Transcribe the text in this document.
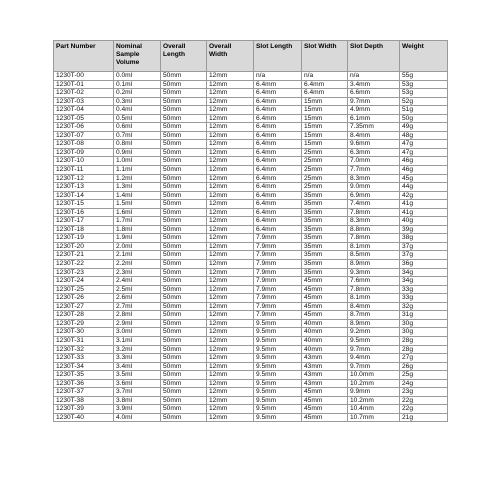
Part Number	Nominal Sample Volume	Overall Length	Overall Width	Slot Length	Slot Width	Slot Depth	Weight
1230T-00	0.0ml	50mm	12mm	n/a	n/a	n/a	55g
1230T-01	0.1ml	50mm	12mm	6.4mm	6.4mm	3.4mm	53g
1230T-02	0.2ml	50mm	12mm	6.4mm	6.4mm	6.6mm	53g
1230T-03	0.3ml	50mm	12mm	6.4mm	15mm	9.7mm	52g
1230T-04	0.4ml	50mm	12mm	6.4mm	15mm	4.9mm	51g
1230T-05	0.5ml	50mm	12mm	6.4mm	15mm	6.1mm	50g
1230T-06	0.6ml	50mm	12mm	6.4mm	15mm	7.35mm	49g
1230T-07	0.7ml	50mm	12mm	6.4mm	15mm	8.4mm	48g
1230T-08	0.8ml	50mm	12mm	6.4mm	15mm	9.6mm	47g
1230T-09	0.9ml	50mm	12mm	6.4mm	25mm	6.3mm	47g
1230T-10	1.0ml	50mm	12mm	6.4mm	25mm	7.0mm	46g
1230T-11	1.1ml	50mm	12mm	6.4mm	25mm	7.7mm	46g
1230T-12	1.2ml	50mm	12mm	6.4mm	25mm	8.3mm	45g
1230T-13	1.3ml	50mm	12mm	6.4mm	25mm	9.0mm	44g
1230T-14	1.4ml	50mm	12mm	6.4mm	35mm	6.9mm	42g
1230T-15	1.5ml	50mm	12mm	6.4mm	35mm	7.4mm	41g
1230T-16	1.6ml	50mm	12mm	6.4mm	35mm	7.8mm	41g
1230T-17	1.7ml	50mm	12mm	6.4mm	35mm	8.3mm	40g
1230T-18	1.8ml	50mm	12mm	6.4mm	35mm	8.8mm	39g
1230T-19	1.9ml	50mm	12mm	7.9mm	35mm	7.8mm	38g
1230T-20	2.0ml	50mm	12mm	7.9mm	35mm	8.1mm	37g
1230T-21	2.1ml	50mm	12mm	7.9mm	35mm	8.5mm	37g
1230T-22	2.2ml	50mm	12mm	7.9mm	35mm	8.9mm	36g
1230T-23	2.3ml	50mm	12mm	7.9mm	35mm	9.3mm	34g
1230T-24	2.4ml	50mm	12mm	7.9mm	45mm	7.6mm	34g
1230T-25	2.5ml	50mm	12mm	7.9mm	45mm	7.8mm	33g
1230T-26	2.6ml	50mm	12mm	7.9mm	45mm	8.1mm	33g
1230T-27	2.7ml	50mm	12mm	7.9mm	45mm	8.4mm	32g
1230T-28	2.8ml	50mm	12mm	7.9mm	45mm	8.7mm	31g
1230T-29	2.9ml	50mm	12mm	9.5mm	40mm	8.9mm	30g
1230T-30	3.0ml	50mm	12mm	9.5mm	40mm	9.2mm	30g
1230T-31	3.1ml	50mm	12mm	9.5mm	40mm	9.5mm	28g
1230T-32	3.2ml	50mm	12mm	9.5mm	40mm	9.7mm	28g
1230T-33	3.3ml	50mm	12mm	9.5mm	43mm	9.4mm	27g
1230T-34	3.4ml	50mm	12mm	9.5mm	43mm	9.7mm	26g
1230T-35	3.5ml	50mm	12mm	9.5mm	43mm	10.0mm	25g
1230T-36	3.6ml	50mm	12mm	9.5mm	43mm	10.2mm	24g
1230T-37	3.7ml	50mm	12mm	9.5mm	45mm	9.9mm	23g
1230T-38	3.8ml	50mm	12mm	9.5mm	45mm	10.2mm	22g
1230T-39	3.9ml	50mm	12mm	9.5mm	45mm	10.4mm	22g
1230T-40	4.0ml	50mm	12mm	9.5mm	45mm	10.7mm	21g
